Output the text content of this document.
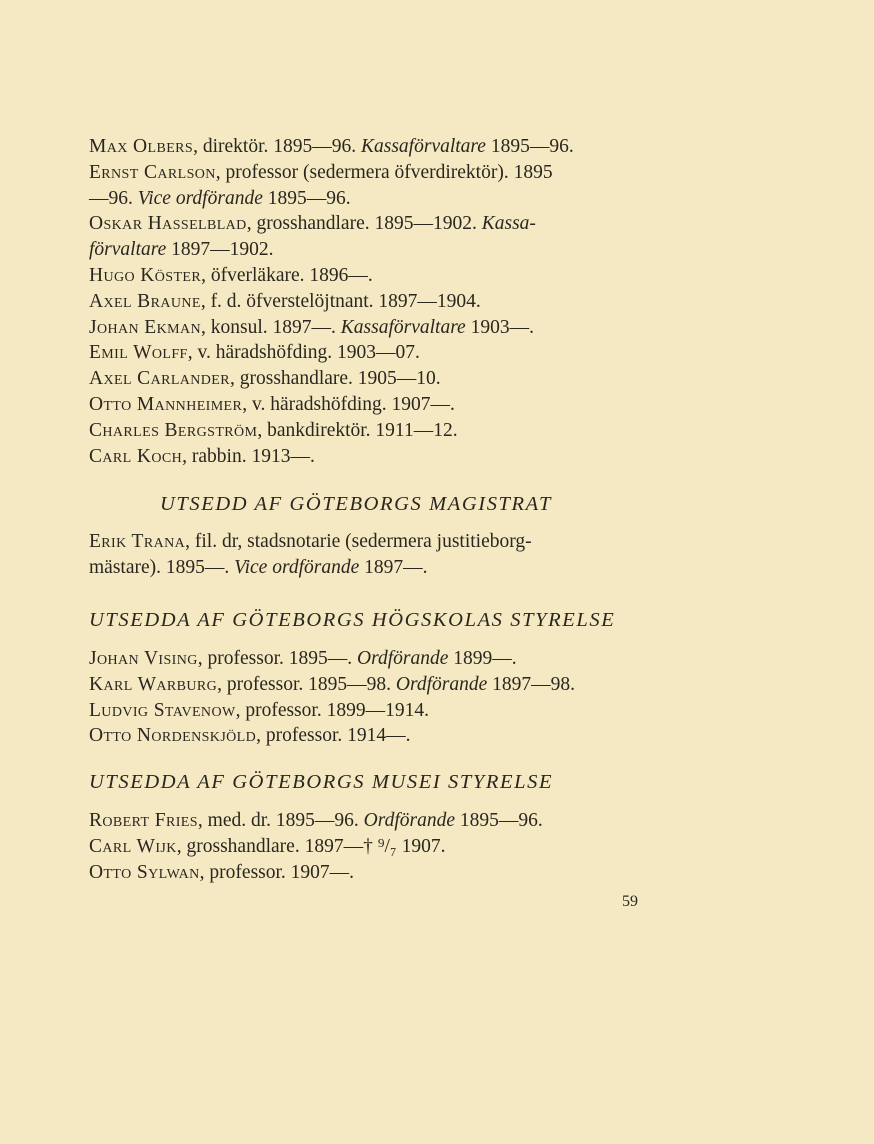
Max Olbers, direktör. 1895—96. Kassaförvaltare 1895—96.
Ernst Carlson, professor (sedermera öfverdirektör). 1895
—96. Vice ordförande 1895—96.
Oskar Hasselblad, grosshandlare. 1895—1902. Kassa-
förvaltare 1897—1902.
Hugo Köster, öfverläkare. 1896—.
Axel Braune, f. d. öfverstelöjtnant. 1897—1904.
Johan Ekman, konsul. 1897—. Kassaförvaltare 1903—.
Emil Wolff, v. häradshöfding. 1903—07.
Axel Carlander, grosshandlare. 1905—10.
Otto Mannheimer, v. häradshöfding. 1907—.
Charles Bergström, bankdirektör. 1911—12.
Carl Koch, rabbin. 1913—.
UTSEDD AF GÖTEBORGS MAGISTRAT
Erik Trana, fil. dr, stadsnotarie (sedermera justitieborg-
mästare). 1895—. Vice ordförande 1897—.
UTSEDDA AF GÖTEBORGS HÖGSKOLAS STYRELSE
Johan Vising, professor. 1895—. Ordförande 1899—.
Karl Warburg, professor. 1895—98. Ordförande 1897—98.
Ludvig Stavenow, professor. 1899—1914.
Otto Nordenskjöld, professor. 1914—.
UTSEDDA AF GÖTEBORGS MUSEI STYRELSE
Robert Fries, med. dr. 1895—96. Ordförande 1895—96.
Carl Wijk, grosshandlare. 1897—† ⁹/₇ 1907.
Otto Sylwan, professor. 1907—.
59
